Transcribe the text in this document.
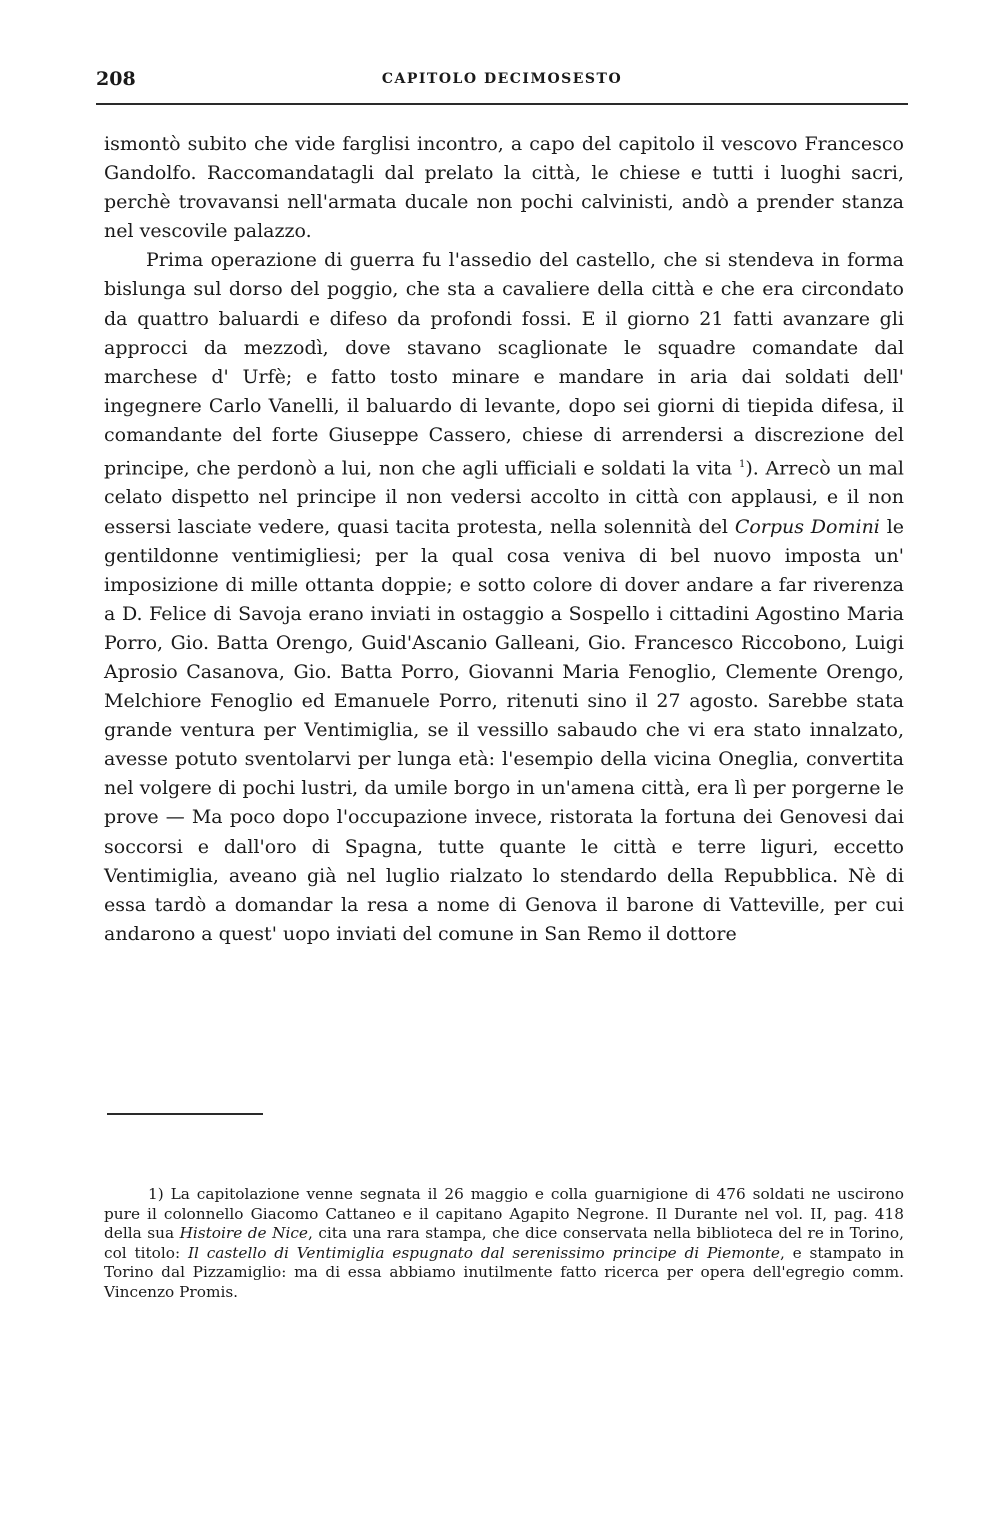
208	CAPITOLO DECIMOSESTO

ismontò subito che vide farglisi incontro, a capo del capitolo il vescovo Francesco Gandolfo. Raccomandatagli dal prelato la città, le chiese e tutti i luoghi sacri, perchè trovavansi nell'armata ducale non pochi calvinisti, andò a prender stanza nel vescovile palazzo.

Prima operazione di guerra fu l'assedio del castello, che si stendeva in forma bislunga sul dorso del poggio, che sta a cavaliere della città e che era circondato da quattro baluardi e difeso da profondi fossi. E il giorno 21 fatti avanzare gli approcci da mezzodì, dove stavano scaglionate le squadre comandate dal marchese d' Urfè; e fatto tosto minare e mandare in aria dai soldati dell' ingegnere Carlo Vanelli, il baluardo di levante, dopo sei giorni di tiepida difesa, il comandante del forte Giuseppe Cassero, chiese di arrendersi a discrezione del principe, che perdonò a lui, non che agli ufficiali e soldati la vita $^1$). Arrecò un mal celato dispetto nel principe il non vedersi accolto in città con applausi, e il non essersi lasciate vedere, quasi tacita protesta, nella solennità del Corpus Domini le gentildonne ventimigliesi; per la qual cosa veniva di bel nuovo imposta un' imposizione di mille ottanta doppie; e sotto colore di dover andare a far riverenza a D. Felice di Savoja erano inviati in ostaggio a Sospello i cittadini Agostino Maria Porro, Gio. Batta Orengo, Guid'Ascanio Galleani, Gio. Francesco Riccobono, Luigi Aprosio Casanova, Gio. Batta Porro, Giovanni Maria Fenoglio, Clemente Orengo, Melchiore Fenoglio ed Emanuele Porro, ritenuti sino il 27 agosto. Sarebbe stata grande ventura per Ventimiglia, se il vessillo sabaudo che vi era stato innalzato, avesse potuto sventolarvi per lunga età: l'esempio della vicina Oneglia, convertita nel volgere di pochi lustri, da umile borgo in un'amena città, era lì per porgerne le prove — Ma poco dopo l'occupazione invece, ristorata la fortuna dei Genovesi dai soccorsi e dall'oro di Spagna, tutte quante le città e terre liguri, eccetto Ventimiglia, aveano già nel luglio rialzato lo stendardo della Repubblica. Nè di essa tardò a domandar la resa a nome di Genova il barone di Vatteville, per cui andarono a quest' uopo inviati del comune in San Remo il dottore

1) La capitolazione venne segnata il 26 maggio e colla guarnigione di 476 soldati ne uscirono pure il colonnello Giacomo Cattaneo e il capitano Agapito Negrone. Il Durante nel vol. II, pag. 418 della sua Histoire de Nice, cita una rara stampa, che dice conservata nella biblioteca del re in Torino, col titolo: Il castello di Ventimiglia espugnato dal serenissimo principe di Piemonte, e stampato in Torino dal Pizzamiglio: ma di essa abbiamo inutilmente fatto ricerca per opera dell'egregio comm. Vincenzo Promis.
